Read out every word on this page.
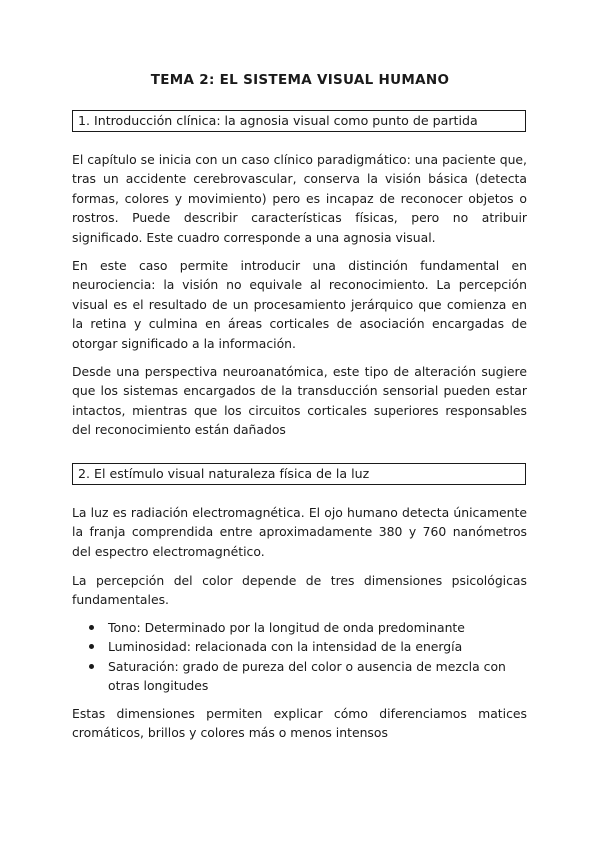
TEMA 2: EL SISTEMA VISUAL HUMANO
1. Introducción clínica: la agnosia visual como punto de partida

El capítulo se inicia con un caso clínico paradigmático: una paciente que, tras un accidente cerebrovascular, conserva la visión básica (detecta formas, colores y movimiento) pero es incapaz de reconocer objetos o rostros. Puede describir características físicas, pero no atribuir significado. Este cuadro corresponde a una agnosia visual.

En este caso permite introducir una distinción fundamental en neurociencia: la visión no equivale al reconocimiento. La percepción visual es el resultado de un procesamiento jerárquico que comienza en la retina y culmina en áreas corticales de asociación encargadas de otorgar significado a la información.

Desde una perspectiva neuroanatómica, este tipo de alteración sugiere que los sistemas encargados de la transducción sensorial pueden estar intactos, mientras que los circuitos corticales superiores responsables del reconocimiento están dañados

2. El estímulo visual naturaleza física de la luz

La luz es radiación electromagnética. El ojo humano detecta únicamente la franja comprendida entre aproximadamente 380 y 760 nanómetros del espectro electromagnético.

La percepción del color depende de tres dimensiones psicológicas fundamentales.

Tono: Determinado por la longitud de onda predominante
Luminosidad: relacionada con la intensidad de la energía
Saturación: grado de pureza del color o ausencia de mezcla con otras longitudes

Estas dimensiones permiten explicar cómo diferenciamos matices cromáticos, brillos y colores más o menos intensos
